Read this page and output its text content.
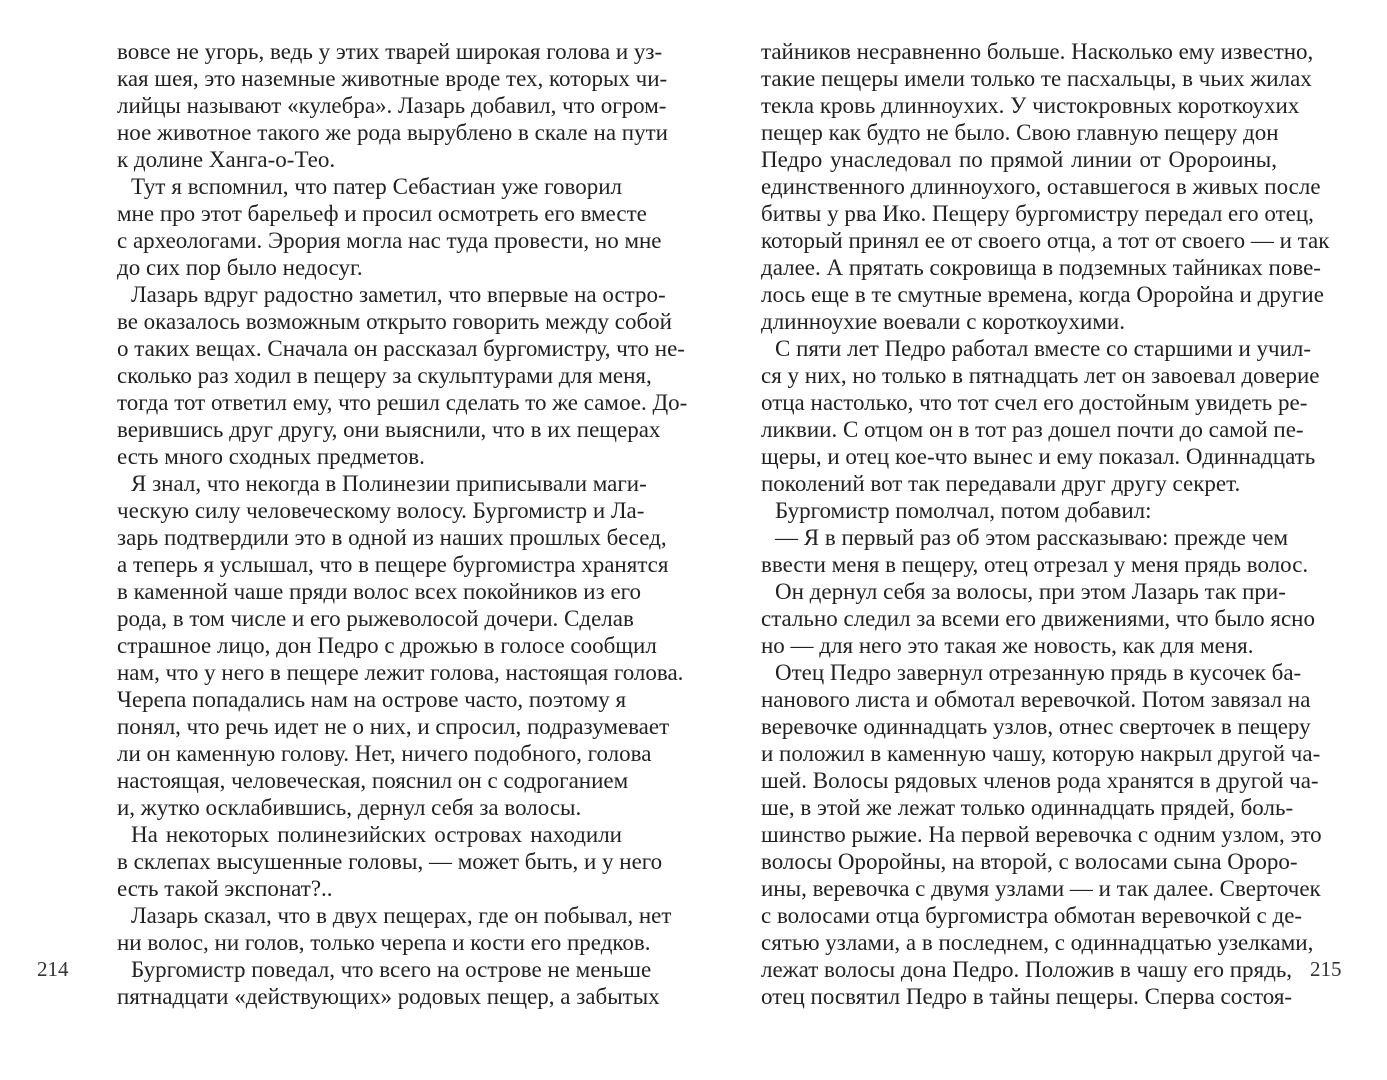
вовсе не угорь, ведь у этих тварей широкая голова и уз-
кая шея, это наземные животные вроде тех, которых чи-
лийцы называют «кулебра». Лазарь добавил, что огром-
ное животное такого же рода вырублено в скале на пути
к долине Ханга-о-Тео.
Тут я вспомнил, что патер Себастиан уже говорил
мне про этот барельеф и просил осмотреть его вместе
с археологами. Эрория могла нас туда провести, но мне
до сих пор было недосуг.
Лазарь вдруг радостно заметил, что впервые на остро-
ве оказалось возможным открыто говорить между собой
о таких вещах. Сначала он рассказал бургомистру, что не-
сколько раз ходил в пещеру за скульптурами для меня,
тогда тот ответил ему, что решил сделать то же самое. До-
верившись друг другу, они выяснили, что в их пещерах
есть много сходных предметов.
Я знал, что некогда в Полинезии приписывали маги-
ческую силу человеческому волосу. Бургомистр и Ла-
зарь подтвердили это в одной из наших прошлых бесед,
а теперь я услышал, что в пещере бургомистра хранятся
в каменной чаше пряди волос всех покойников из его
рода, в том числе и его рыжеволосой дочери. Сделав
страшное лицо, дон Педро с дрожью в голосе сообщил
нам, что у него в пещере лежит голова, настоящая голова.
Черепа попадались нам на острове часто, поэтому я
понял, что речь идет не о них, и спросил, подразумевает
ли он каменную голову. Нет, ничего подобного, голова
настоящая, человеческая, пояснил он с содроганием
и, жутко осклабившись, дернул себя за волосы.
На некоторых полинезийских островах находили
в склепах высушенные головы, — может быть, и у него
есть такой экспонат?..
Лазарь сказал, что в двух пещерах, где он побывал, нет
ни волос, ни голов, только черепа и кости его предков.
Бургомистр поведал, что всего на острове не меньше
пятнадцати «действующих» родовых пещер, а забытых
214
тайников несравненно больше. Насколько ему известно,
такие пещеры имели только те пасхальцы, в чьих жилах
текла кровь длинноухих. У чистокровных короткоухих
пещер как будто не было. Свою главную пещеру дон
Педро унаследовал по прямой линии от Оророины,
единственного длинноухого, оставшегося в живых после
битвы у рва Ико. Пещеру бургомистру передал его отец,
который принял ее от своего отца, а тот от своего — и так
далее. А прятать сокровища в подземных тайниках пове-
лось еще в те смутные времена, когда Ороройна и другие
длинноухие воевали с короткоухими.
С пяти лет Педро работал вместе со старшими и учил-
ся у них, но только в пятнадцать лет он завоевал доверие
отца настолько, что тот счел его достойным увидеть ре-
ликвии. С отцом он в тот раз дошел почти до самой пе-
щеры, и отец кое-что вынес и ему показал. Одиннадцать
поколений вот так передавали друг другу секрет.
Бургомистр помолчал, потом добавил:
— Я в первый раз об этом рассказываю: прежде чем
ввести меня в пещеру, отец отрезал у меня прядь волос.
Он дернул себя за волосы, при этом Лазарь так при-
стально следил за всеми его движениями, что было ясно
но — для него это такая же новость, как для меня.
Отец Педро завернул отрезанную прядь в кусочек ба-
нанового листа и обмотал веревочкой. Потом завязал на
веревочке одиннадцать узлов, отнес сверточек в пещеру
и положил в каменную чашу, которую накрыл другой ча-
шей. Волосы рядовых членов рода хранятся в другой ча-
ше, в этой же лежат только одиннадцать прядей, боль-
шинство рыжие. На первой веревочка с одним узлом, это
волосы Ороройны, на второй, с волосами сына Ороро-
ины, веревочка с двумя узлами — и так далее. Сверточек
с волосами отца бургомистра обмотан веревочкой с де-
сятью узлами, а в последнем, с одиннадцатью узелками,
лежат волосы дона Педро. Положив в чашу его прядь,
отец посвятил Педро в тайны пещеры. Сперва состоя-
215
